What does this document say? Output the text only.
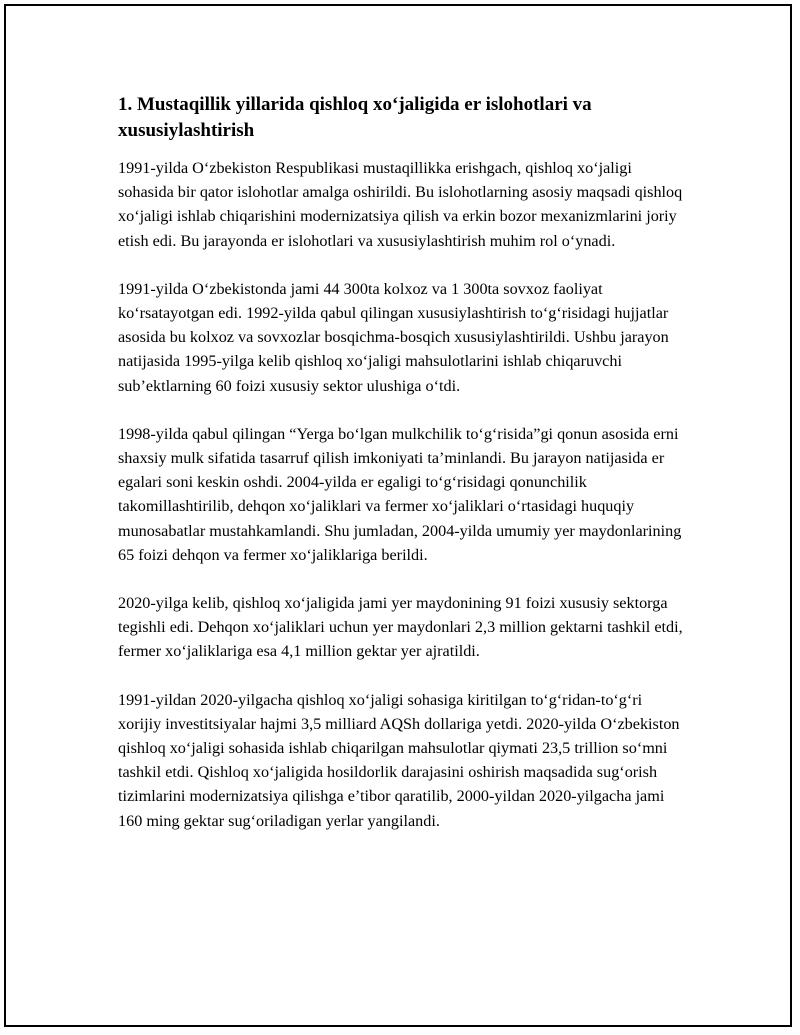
1. Mustaqillik yillarida qishloq xo‘jaligida er islohotlari va xususiylashtirish

1991-yilda O‘zbekiston Respublikasi mustaqillikka erishgach, qishloq xo‘jaligi sohasida bir qator islohotlar amalga oshirildi. Bu islohotlarning asosiy maqsadi qishloq xo‘jaligi ishlab chiqarishini modernizatsiya qilish va erkin bozor mexanizmlarini joriy etish edi. Bu jarayonda er islohotlari va xususiylashtirish muhim rol o‘ynadi.

1991-yilda O‘zbekistonda jami 44 300ta kolxoz va 1 300ta sovxoz faoliyat ko‘rsatayotgan edi. 1992-yilda qabul qilingan xususiylashtirish to‘g‘risidagi hujjatlar asosida bu kolxoz va sovxozlar bosqichma-bosqich xususiylashtirildi. Ushbu jarayon natijasida 1995-yilga kelib qishloq xo‘jaligi mahsulotlarini ishlab chiqaruvchi sub’ektlarning 60 foizi xususiy sektor ulushiga o‘tdi.

1998-yilda qabul qilingan “Yerga bo‘lgan mulkchilik to‘g‘risida”gi qonun asosida erni shaxsiy mulk sifatida tasarruf qilish imkoniyati ta’minlandi. Bu jarayon natijasida er egalari soni keskin oshdi. 2004-yilda er egaligi to‘g‘risidagi qonunchilik takomillashtirilib, dehqon xo‘jaliklari va fermer xo‘jaliklari o‘rtasidagi huquqiy munosabatlar mustahkamlandi. Shu jumladan, 2004-yilda umumiy yer maydonlarining 65 foizi dehqon va fermer xo‘jaliklariga berildi.

2020-yilga kelib, qishloq xo‘jaligida jami yer maydonining 91 foizi xususiy sektorga tegishli edi. Dehqon xo‘jaliklari uchun yer maydonlari 2,3 million gektarni tashkil etdi, fermer xo‘jaliklariga esa 4,1 million gektar yer ajratildi.

1991-yildan 2020-yilgacha qishloq xo‘jaligi sohasiga kiritilgan to‘g‘ridan-to‘g‘ri xorijiy investitsiyalar hajmi 3,5 milliard AQSh dollariga yetdi. 2020-yilda O‘zbekiston qishloq xo‘jaligi sohasida ishlab chiqarilgan mahsulotlar qiymati 23,5 trillion so‘mni tashkil etdi. Qishloq xo‘jaligida hosildorlik darajasini oshirish maqsadida sug‘orish tizimlarini modernizatsiya qilishga e’tibor qaratilib, 2000-yildan 2020-yilgacha jami 160 ming gektar sug‘oriladigan yerlar yangilandi.
